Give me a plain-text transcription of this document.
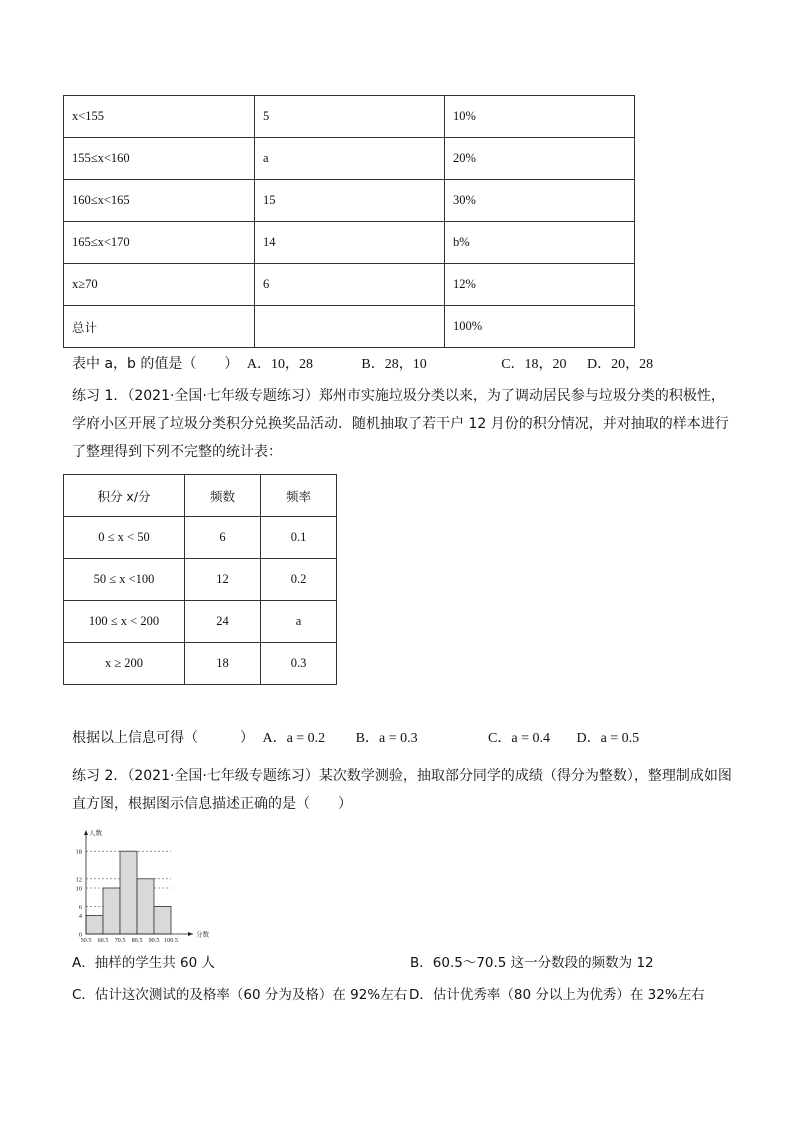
x<155	5	10%
155≤x<160	a	20%
160≤x<165	15	30%
165≤x<170	14	b%
x≥70	6	12%
总计		100%
表中 a，b 的值是（　　） A．10，28	B．28，10	C．18，20 D．20，28
练习 1．（2021·全国·七年级专题练习）郑州市实施垃圾分类以来，为了调动居民参与垃圾分类的积极性，学府小区开展了垃圾分类积分兑换奖品活动．随机抽取了若干户 12 月份的积分情况，并对抽取的样本进行了整理得到下列不完整的统计表：
积分 x/分	频数	频率
0 ≤ x < 50	6	0.1
50 ≤ x <100	12	0.2
100 ≤ x < 200	24	a
x ≥ 200	18	0.3
根据以上信息可得（　　　） A．a = 0.2 B．a = 0.3	C．a = 0.4 D．a = 0.5
练习 2．（2021·全国·七年级专题练习）某次数学测验，抽取部分同学的成绩（得分为整数），整理制成如图直方图，根据图示信息描述正确的是（　　）
0
4
6
10
12
18
50.5 60.5 70.5 80.5 90.5 100.5
人数
分数
A．抽样的学生共 60 人	B．60.5～70.5 这一分数段的频数为 12
C．估计这次测试的及格率（60 分为及格）在 92%左右 D．估计优秀率（80 分以上为优秀）在 32%左右
